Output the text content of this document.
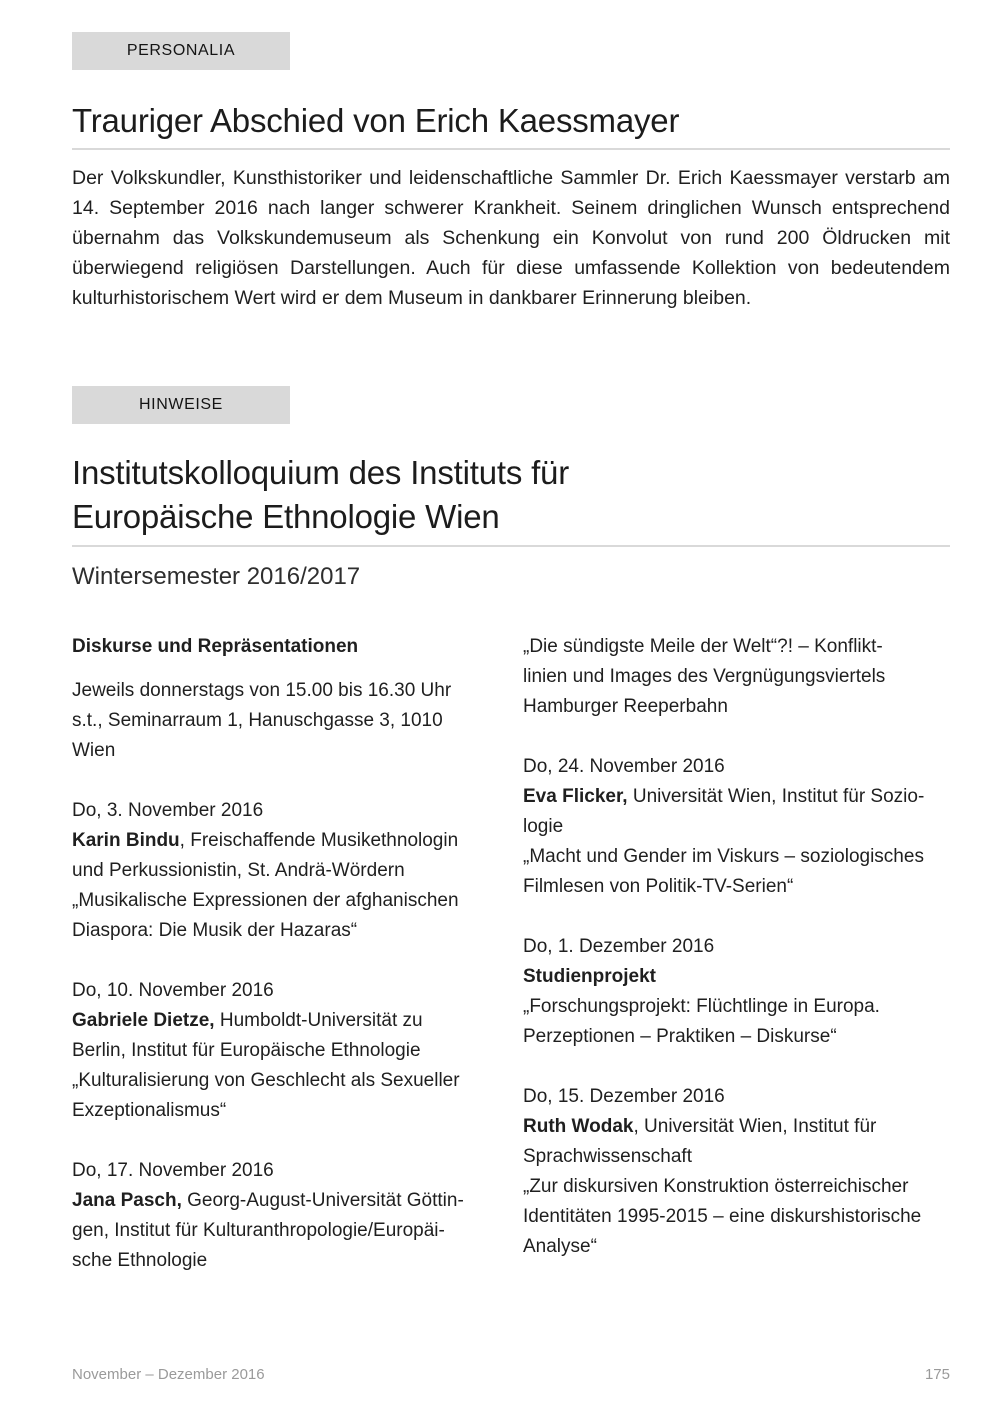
PERSONALIA
Trauriger Abschied von Erich Kaessmayer

Der Volkskundler, Kunsthistoriker und leidenschaftliche Sammler Dr. Erich Kaessmayer verstarb am 14. September 2016 nach langer schwerer Krankheit. Seinem dringlichen Wunsch entsprechend übernahm das Volkskundemuseum als Schenkung ein Konvolut von rund 200 Öldrucken mit überwiegend religiösen Darstellungen. Auch für diese umfassende Kollektion von bedeutendem kulturhistorischem Wert wird er dem Museum in dankbarer Erinnerung bleiben.

HINWEISE
Institutskolloquium des Instituts für
Europäische Ethnologie Wien
Wintersemester 2016/2017
Diskurse und Repräsentationen
Jeweils donnerstags von 15.00 bis 16.30 Uhr
s.t., Seminarraum 1, Hanuschgasse 3, 1010
Wien
Do, 3. November 2016
Karin Bindu, Freischaffende Musikethnologin
und Perkussionistin, St. Andrä-Wördern
„Musikalische Expressionen der afghanischen
Diaspora: Die Musik der Hazaras“
Do, 10. November 2016
Gabriele Dietze, Humboldt-Universität zu
Berlin, Institut für Europäische Ethnologie
„Kulturalisierung von Geschlecht als Sexueller
Exzeptionalismus“
Do, 17. November 2016
Jana Pasch, Georg-August-Universität Göttin-
gen, Institut für Kulturanthropologie/Europäi-
sche Ethnologie
„Die sündigste Meile der Welt“?! – Konflikt-
linien und Images des Vergnügungsviertels
Hamburger Reeperbahn
Do, 24. November 2016
Eva Flicker, Universität Wien, Institut für Sozio-
logie
„Macht und Gender im Viskurs – soziologisches
Filmlesen von Politik-TV-Serien“
Do, 1. Dezember 2016
Studienprojekt
„Forschungsprojekt: Flüchtlinge in Europa.
Perzeptionen – Praktiken – Diskurse“
Do, 15. Dezember 2016
Ruth Wodak, Universität Wien, Institut für
Sprachwissenschaft
„Zur diskursiven Konstruktion österreichischer
Identitäten 1995-2015 – eine diskurshistorische
Analyse“
November – Dezember 2016	175
